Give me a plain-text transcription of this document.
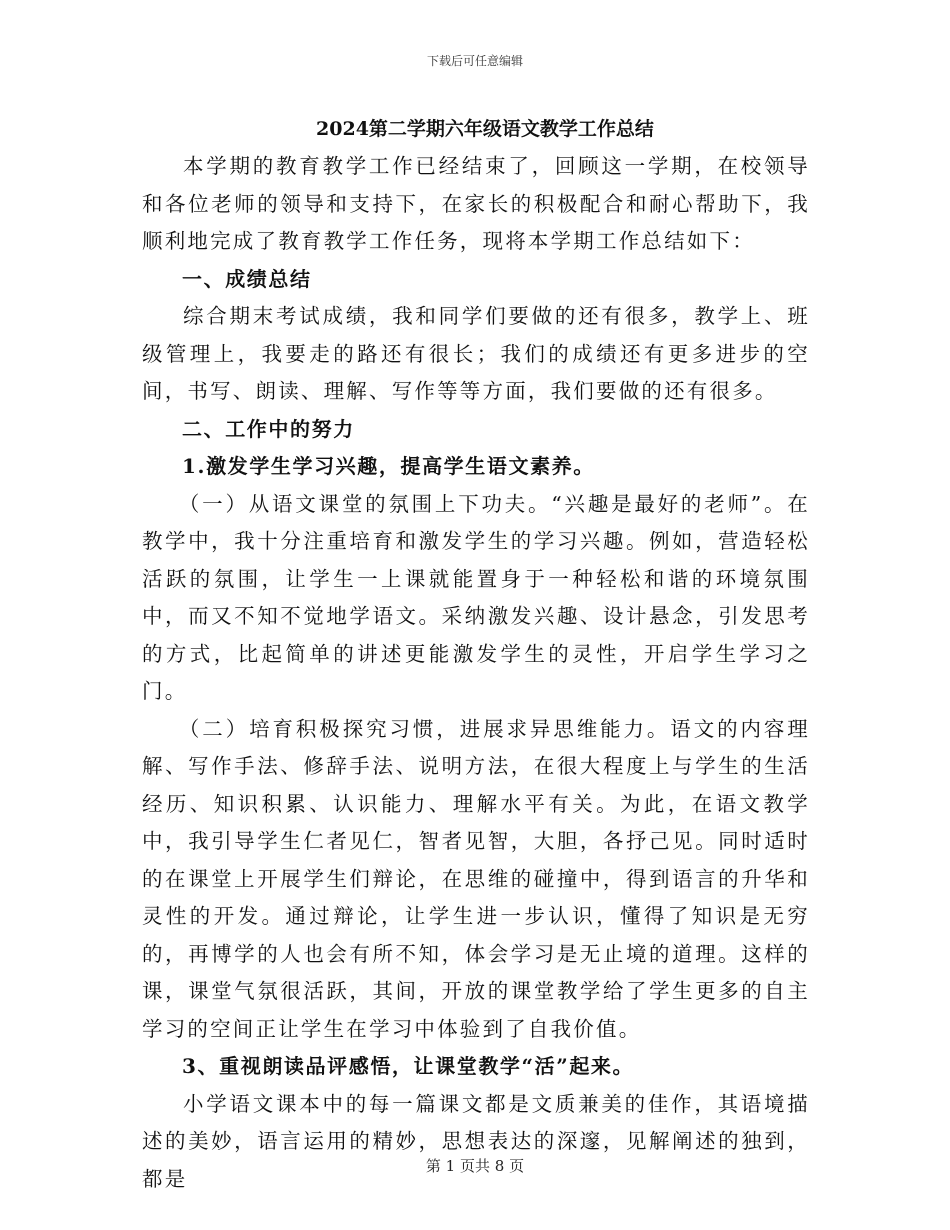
下载后可任意编辑
2024第二学期六年级语文教学工作总结

本学期的教育教学工作已经结束了，回顾这一学期，在校领导和各位老师的领导和支持下，在家长的积极配合和耐心帮助下，我顺利地完成了教育教学工作任务，现将本学期工作总结如下：

一、成绩总结

综合期末考试成绩，我和同学们要做的还有很多，教学上、班级管理上，我要走的路还有很长；我们的成绩还有更多进步的空间，书写、朗读、理解、写作等等方面，我们要做的还有很多。

二、工作中的努力

1.激发学生学习兴趣，提高学生语文素养。

（一）从语文课堂的氛围上下功夫。“兴趣是最好的老师”。在教学中，我十分注重培育和激发学生的学习兴趣。例如，营造轻松活跃的氛围，让学生一上课就能置身于一种轻松和谐的环境氛围中，而又不知不觉地学语文。采纳激发兴趣、设计悬念，引发思考的方式，比起简单的讲述更能激发学生的灵性，开启学生学习之门。

（二）培育积极探究习惯，进展求异思维能力。语文的内容理解、写作手法、修辞手法、说明方法，在很大程度上与学生的生活经历、知识积累、认识能力、理解水平有关。为此，在语文教学中，我引导学生仁者见仁，智者见智，大胆，各抒己见。同时适时的在课堂上开展学生们辩论，在思维的碰撞中，得到语言的升华和灵性的开发。通过辩论，让学生进一步认识，懂得了知识是无穷的，再博学的人也会有所不知，体会学习是无止境的道理。这样的课，课堂气氛很活跃，其间，开放的课堂教学给了学生更多的自主学习的空间正让学生在学习中体验到了自我价值。

3、重视朗读品评感悟，让课堂教学“活”起来。

小学语文课本中的每一篇课文都是文质兼美的佳作，其语境描述的美妙，语言运用的精妙，思想表达的深邃，见解阐述的独到，都是

第 1 页共 8 页
